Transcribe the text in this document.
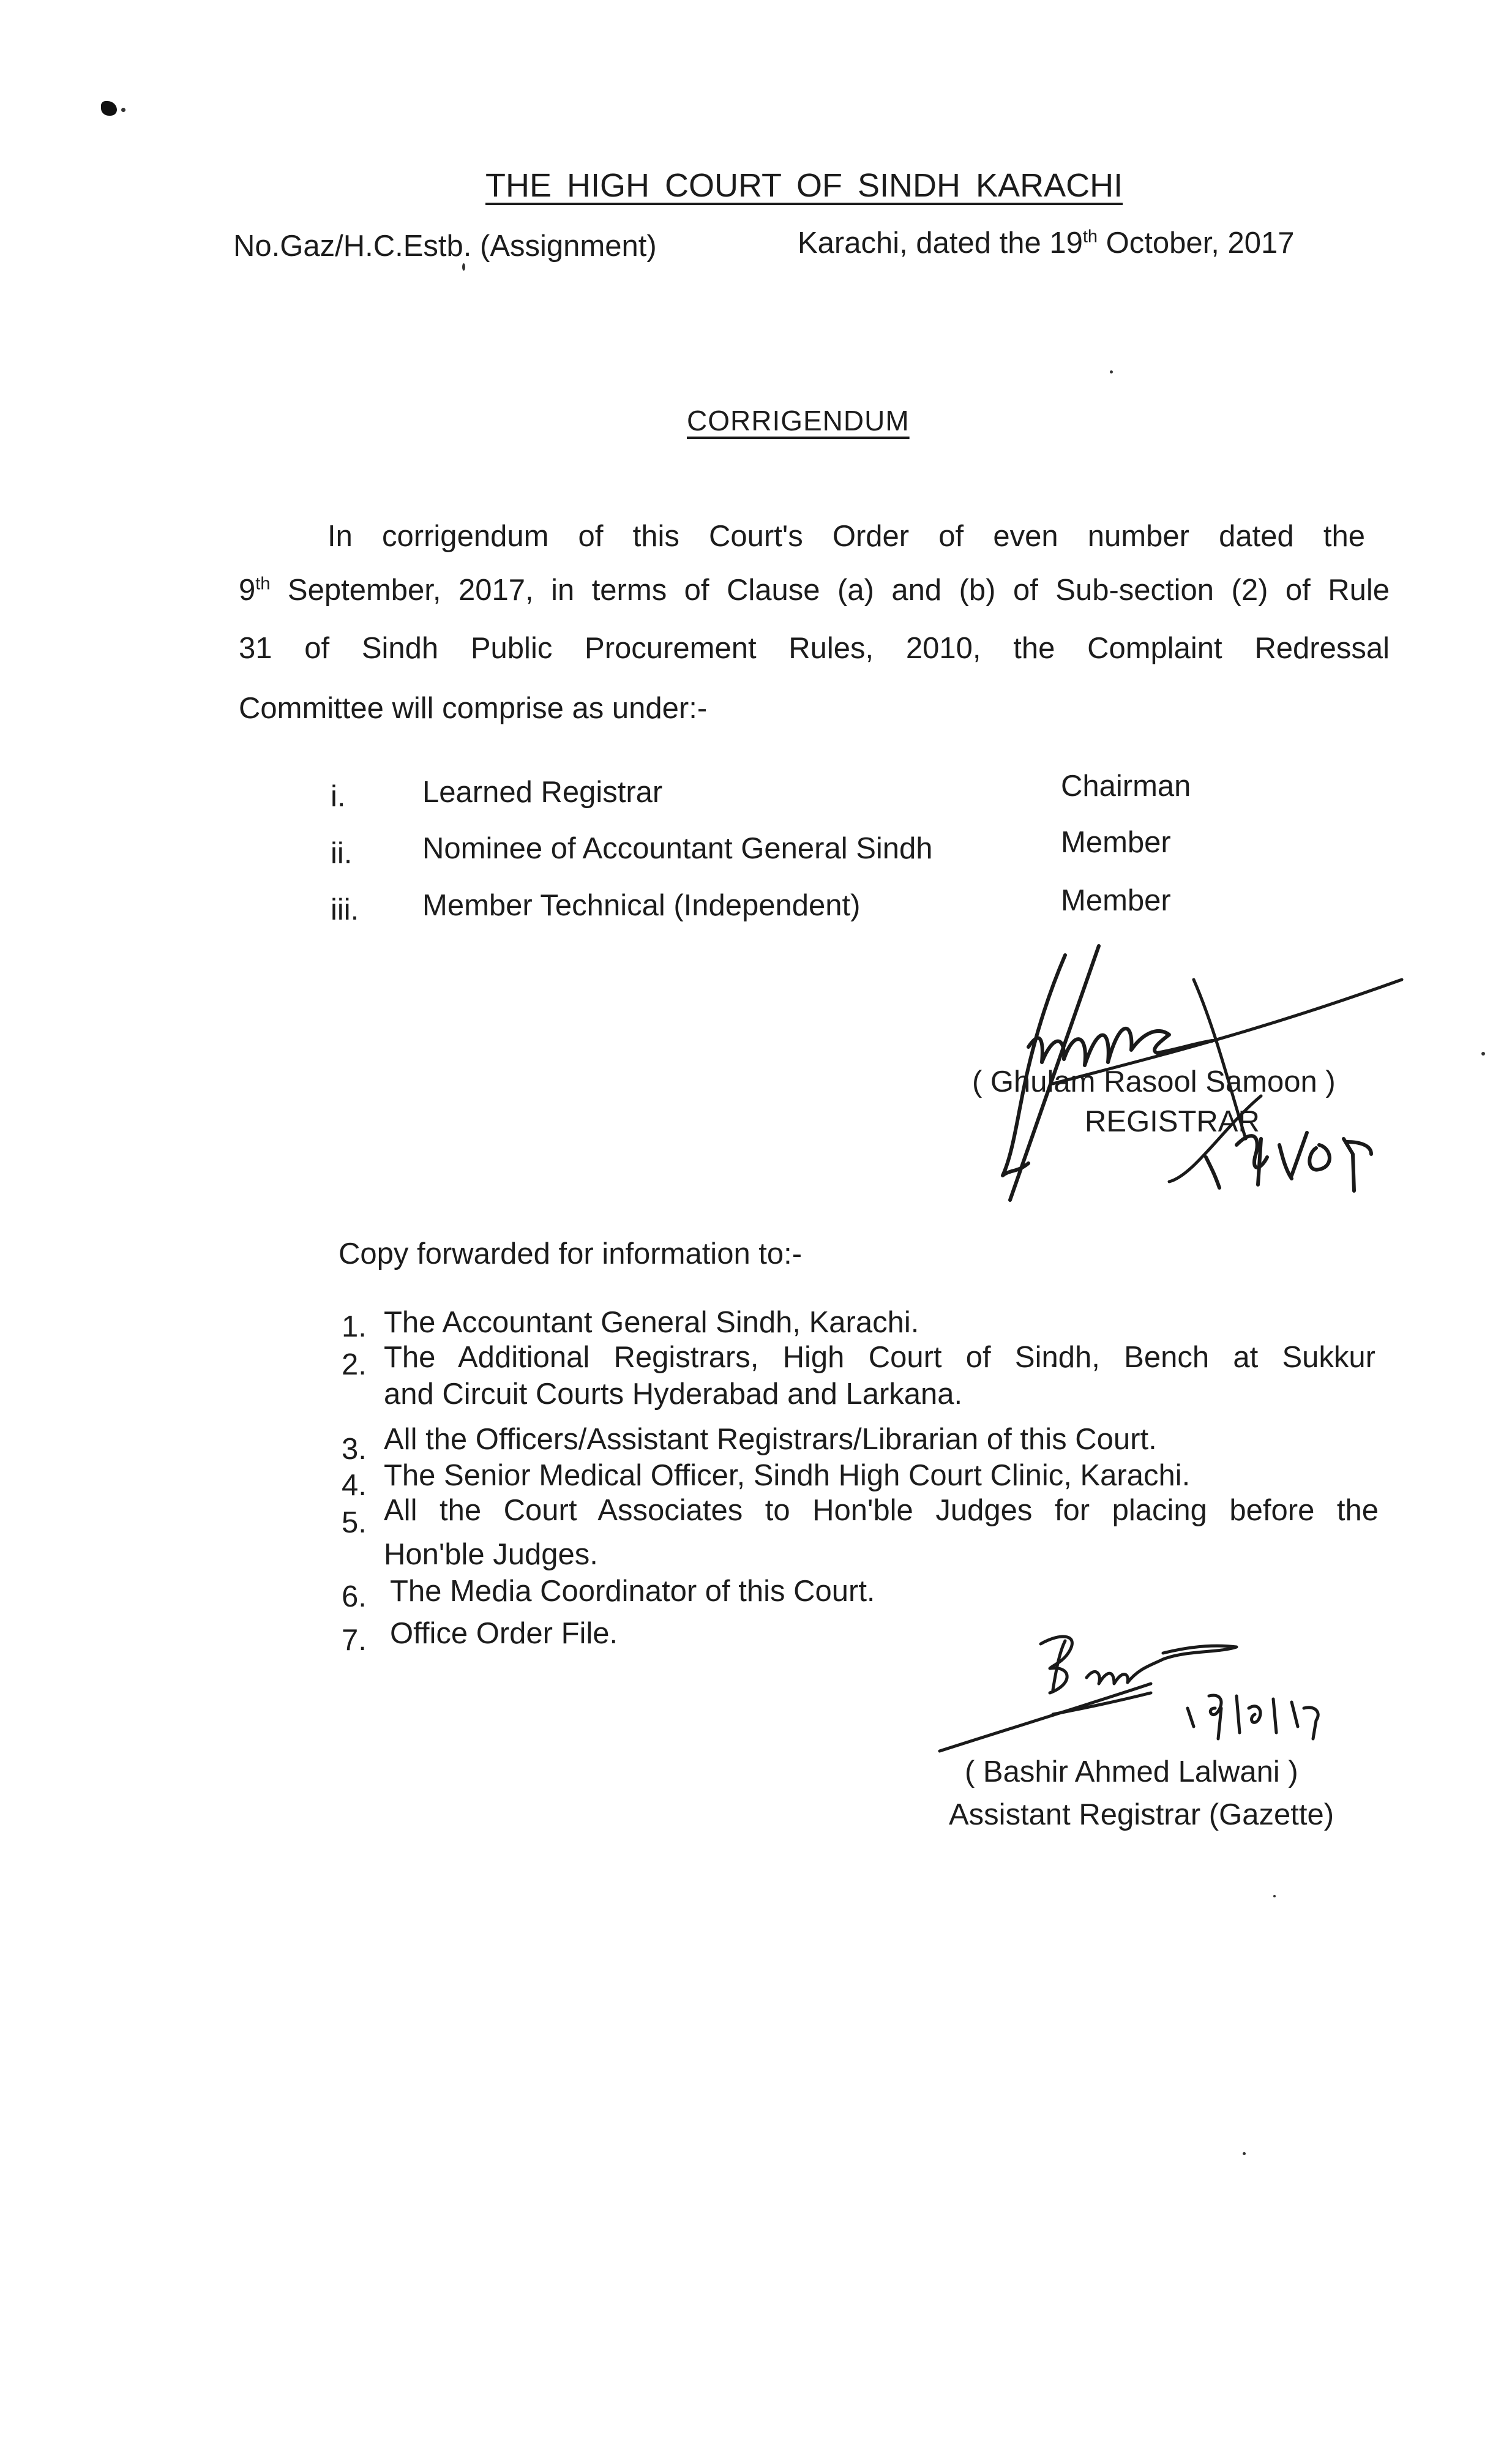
THE HIGH COURT OF SINDH KARACHI
No.Gaz/H.C.Estb. (Assignment)	Karachi, dated the 19th October, 2017
CORRIGENDUM
In corrigendum of this Court's Order of even number dated the
9th September, 2017, in terms of Clause (a) and (b) of Sub-section (2) of Rule
31 of Sindh Public Procurement Rules, 2010, the Complaint Redressal
Committee will comprise as under:-
i.	Learned Registrar	Chairman
ii. Nominee of Accountant General Sindh	Member
iii. Member Technical (Independent)	Member
( Ghulam Rasool Samoon )
REGISTRAR
Copy forwarded for information to:-
1. The Accountant General Sindh, Karachi.
2. The Additional Registrars, High Court of Sindh, Bench at Sukkur
and Circuit Courts Hyderabad and Larkana.
3. All the Officers/Assistant Registrars/Librarian of this Court.
4. The Senior Medical Officer, Sindh High Court Clinic, Karachi.
5. All the Court Associates to Hon'ble Judges for placing before the
Hon'ble Judges.
6. The Media Coordinator of this Court.
7. Office Order File.
( Bashir Ahmed Lalwani )
Assistant Registrar (Gazette)
